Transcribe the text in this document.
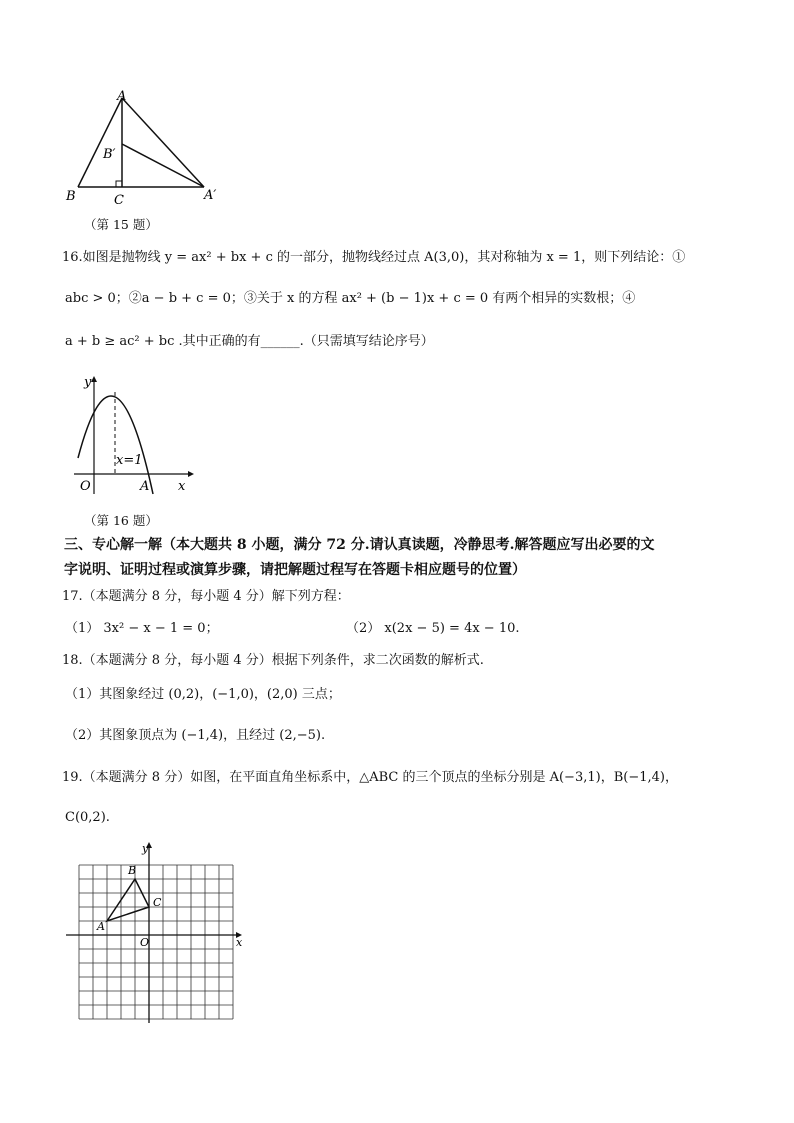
A
B′
B	C	A′
（第 15 题）
16.如图是抛物线 y = ax² + bx + c 的一部分，抛物线经过点 A(3,0)，其对称轴为 x = 1，则下列结论：①
abc > 0；②a − b + c = 0；③关于 x 的方程 ax² + (b − 1)x + c = 0 有两个相异的实数根；④
a + b ≥ ac² + bc .其中正确的有______.（只需填写结论序号）
y
x=1
O	A x
（第 16 题）
三、专心解一解（本大题共 8 小题，满分 72 分.请认真读题，冷静思考.解答题应写出必要的文
字说明、证明过程或演算步骤，请把解题过程写在答题卡相应题号的位置）
17.（本题满分 8 分，每小题 4 分）解下列方程：
（1） 3x² − x − 1 = 0；	（2） x(2x − 5) = 4x − 10.
18.（本题满分 8 分，每小题 4 分）根据下列条件，求二次函数的解析式.
（1）其图象经过 (0,2)，(−1,0)，(2,0) 三点；
（2）其图象顶点为 (−1,4)，且经过 (2,−5).
19.（本题满分 8 分）如图，在平面直角坐标系中，△ABC 的三个顶点的坐标分别是 A(−3,1)，B(−1,4)，
C(0,2).
y
B
C
A
O	x
